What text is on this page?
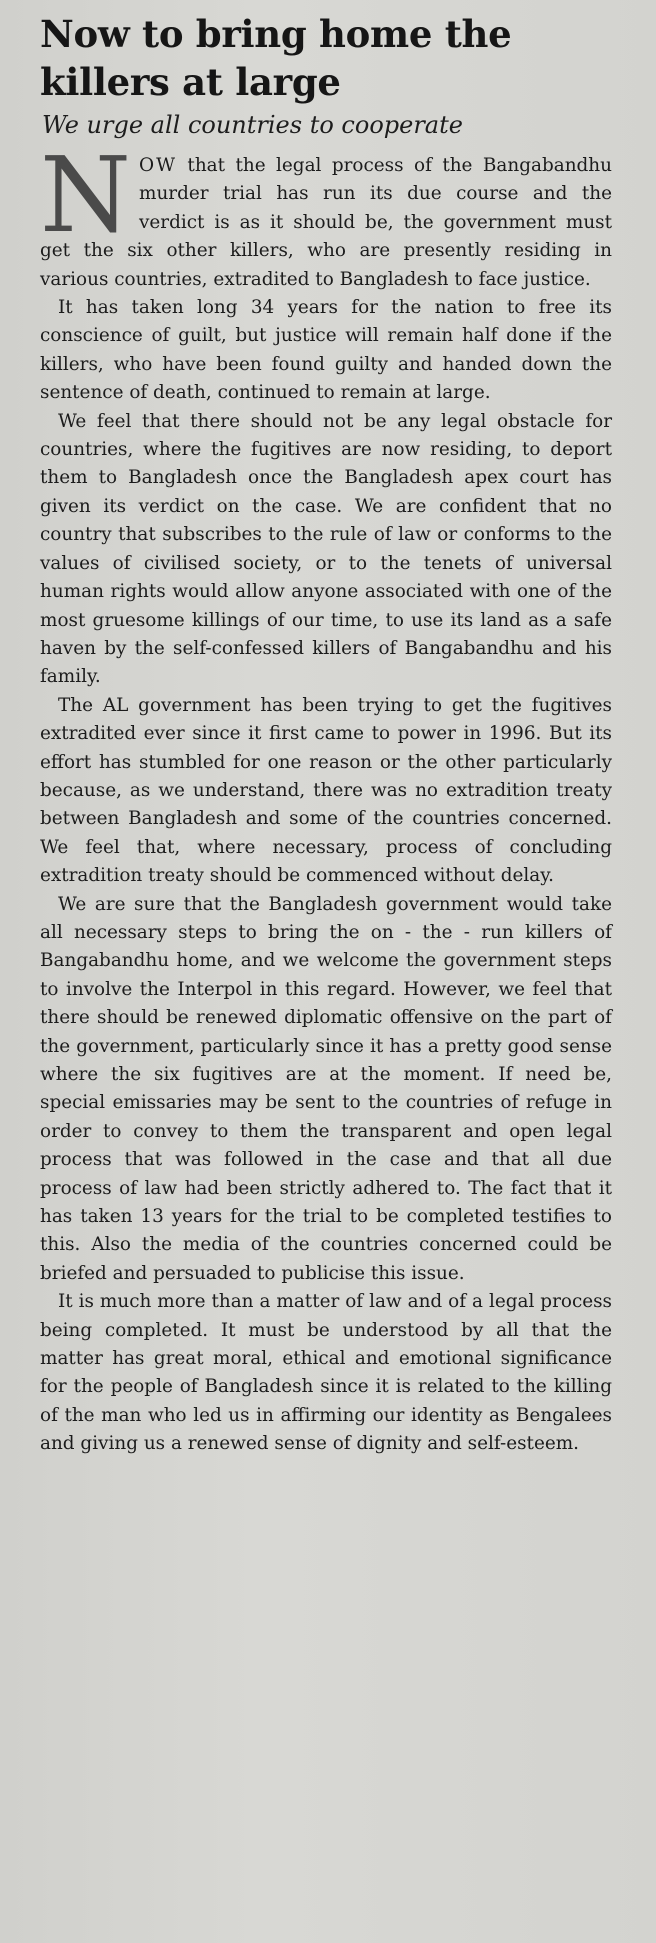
Now to bring home the killers at large
We urge all countries to cooperate

NOW that the legal process of the Bangabandhu murder trial has run its due course and the verdict is as it should be, the government must get the six other killers, who are presently residing in various countries, extradited to Bangladesh to face justice.

It has taken long 34 years for the nation to free its conscience of guilt, but justice will remain half done if the killers, who have been found guilty and handed down the sentence of death, continued to remain at large.

We feel that there should not be any legal obstacle for countries, where the fugitives are now residing, to deport them to Bangladesh once the Bangladesh apex court has given its verdict on the case. We are confident that no country that subscribes to the rule of law or conforms to the values of civilised society, or to the tenets of universal human rights would allow anyone associated with one of the most gruesome killings of our time, to use its land as a safe haven by the self-confessed killers of Bangabandhu and his family.

The AL government has been trying to get the fugitives extradited ever since it first came to power in 1996. But its effort has stumbled for one reason or the other particularly because, as we understand, there was no extradition treaty between Bangladesh and some of the countries concerned. We feel that, where necessary, process of concluding extradition treaty should be commenced without delay.

We are sure that the Bangladesh government would take all necessary steps to bring the on - the - run killers of Bangabandhu home, and we welcome the government steps to involve the Interpol in this regard. However, we feel that there should be renewed diplomatic offensive on the part of the government, particularly since it has a pretty good sense where the six fugitives are at the moment. If need be, special emissaries may be sent to the countries of refuge in order to convey to them the transparent and open legal process that was followed in the case and that all due process of law had been strictly adhered to. The fact that it has taken 13 years for the trial to be completed testifies to this. Also the media of the countries concerned could be briefed and persuaded to publicise this issue.

It is much more than a matter of law and of a legal process being completed. It must be understood by all that the matter has great moral, ethical and emotional significance for the people of Bangladesh since it is related to the killing of the man who led us in affirming our identity as Bengalees and giving us a renewed sense of dignity and self-esteem.
